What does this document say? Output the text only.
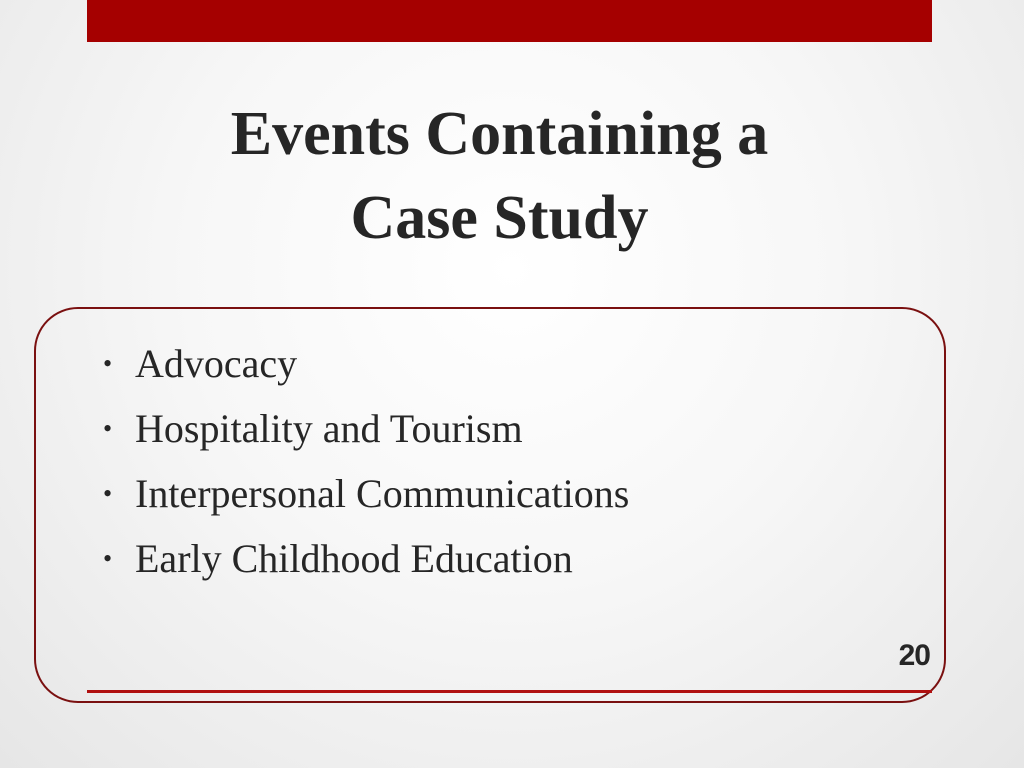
Events Containing a
Case Study
• Advocacy
• Hospitality and Tourism
• Interpersonal Communications
• Early Childhood Education
20
